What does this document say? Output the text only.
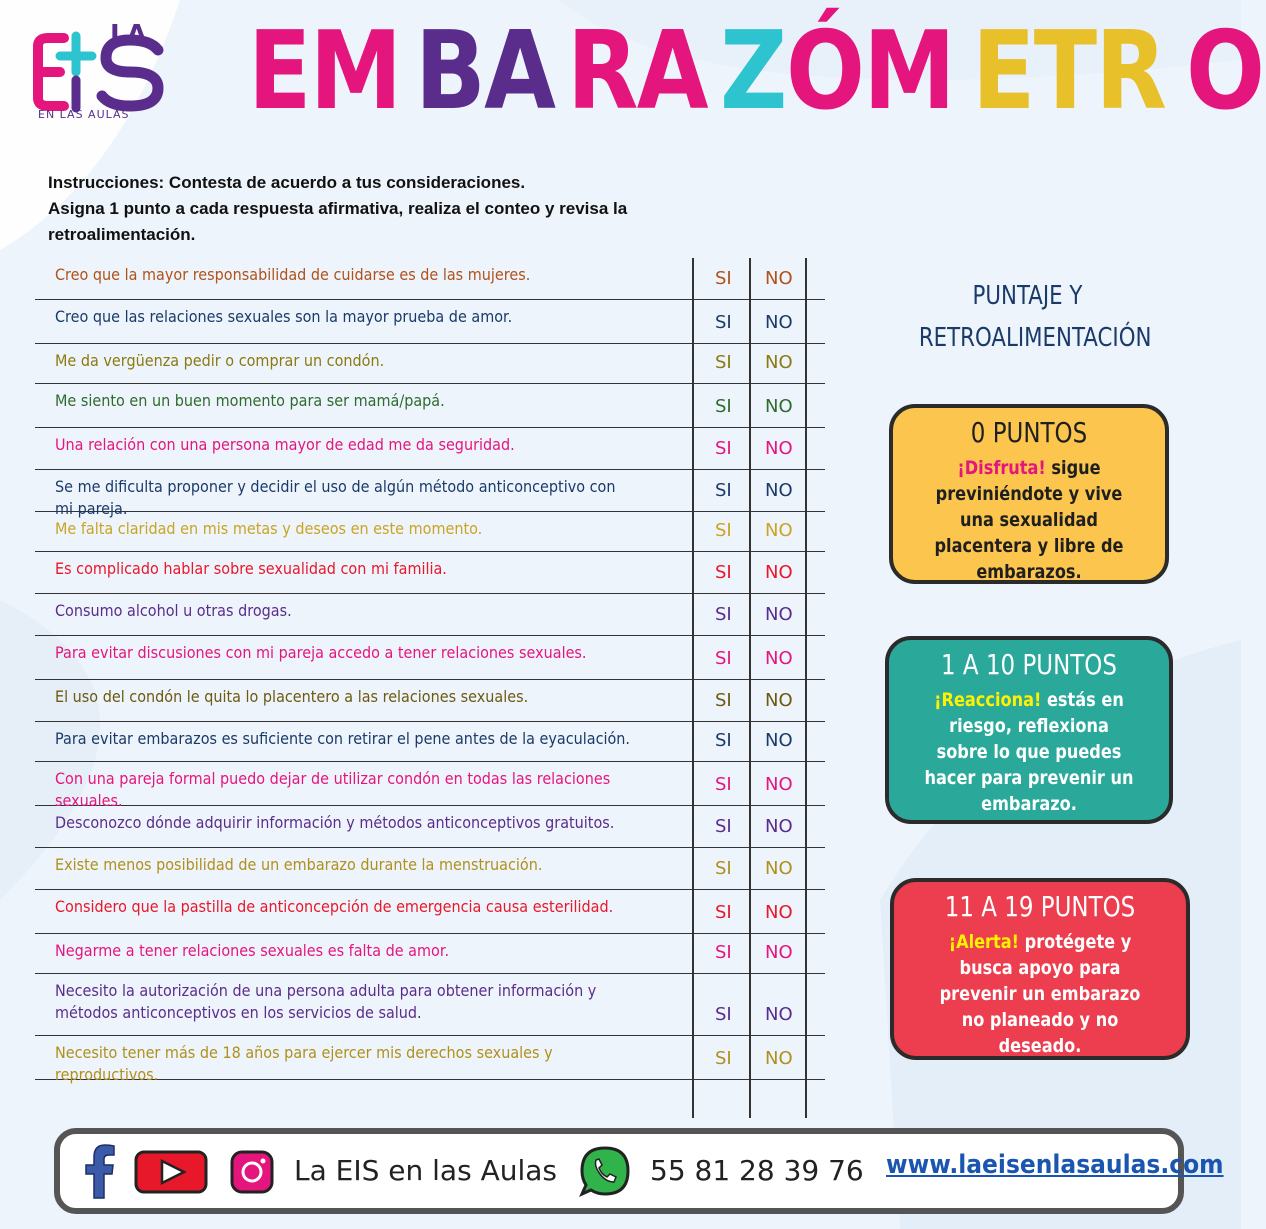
LA
EN LAS AULAS EM BA RA ZÓM ETR O
Instrucciones: Contesta de acuerdo a tus consideraciones.
Asigna 1 punto a cada respuesta afirmativa, realiza el conteo y revisa la retroalimentación.
Creo que la mayor responsabilidad de cuidarse es de las mujeres.	SI NO
Creo que las relaciones sexuales son la mayor prueba de amor.	SI NO
Me da vergüenza pedir o comprar un condón.	SI NO
Me siento en un buen momento para ser mamá/papá.	SI NO
Una relación con una persona mayor de edad me da seguridad.	SI NO
Se me dificulta proponer y decidir el uso de algún método anticonceptivo con mi pareja.
SI NO
Me falta claridad en mis metas y deseos en este momento.	SI NO
Es complicado hablar sobre sexualidad con mi familia.	SI NO
Consumo alcohol u otras drogas.	SI NO
Para evitar discusiones con mi pareja accedo a tener relaciones sexuales.	SI NO
El uso del condón le quita lo placentero a las relaciones sexuales.	SI NO
Para evitar embarazos es suficiente con retirar el pene antes de la eyaculación.	SI NO
Con una pareja formal puedo dejar de utilizar condón en todas las relaciones sexuales.
SI NO
Desconozco dónde adquirir información y métodos anticonceptivos gratuitos.	SI NO
Existe menos posibilidad de un embarazo durante la menstruación.	SI NO
Considero que la pastilla de anticoncepción de emergencia causa esterilidad.	SI NO
Negarme a tener relaciones sexuales es falta de amor.	SI NO
Necesito la autorización de una persona adulta para obtener información y métodos anticonceptivos en los servicios de salud.	SI NO
Necesito tener más de 18 años para ejercer mis derechos sexuales y reproductivos.
SI NO
PUNTAJE Y
RETROALIMENTACIÓN
0 PUNTOS
¡Disfruta! sigue previniéndote y vive una sexualidad placentera y libre de embarazos.
1 A 10 PUNTOS
¡Reacciona! estás en riesgo, reflexiona sobre lo que puedes hacer para prevenir un embarazo.
11 A 19 PUNTOS
¡Alerta! protégete y busca apoyo para prevenir un embarazo no planeado y no deseado.
La EIS en las Aulas	55 81 28 39 76 www.laeisenlasaulas.com
